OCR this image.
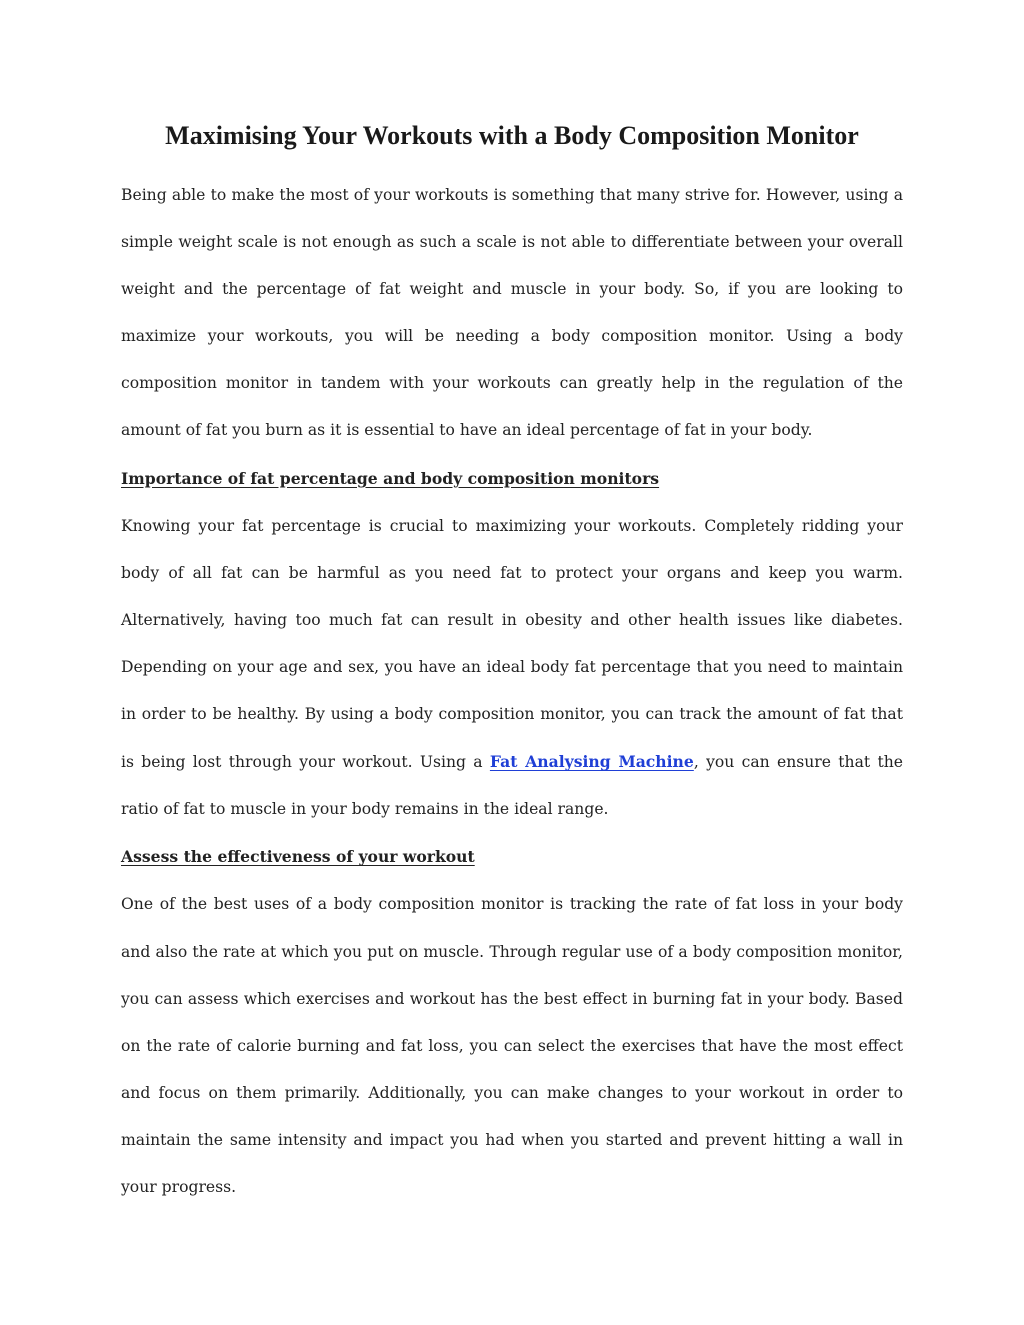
Maximising Your Workouts with a Body Composition Monitor

Being able to make the most of your workouts is something that many strive for. However, using a simple weight scale is not enough as such a scale is not able to differentiate between your overall weight and the percentage of fat weight and muscle in your body. So, if you are looking to maximize your workouts, you will be needing a body composition monitor. Using a body composition monitor in tandem with your workouts can greatly help in the regulation of the amount of fat you burn as it is essential to have an ideal percentage of fat in your body.

Importance of fat percentage and body composition monitors

Knowing your fat percentage is crucial to maximizing your workouts. Completely ridding your body of all fat can be harmful as you need fat to protect your organs and keep you warm. Alternatively, having too much fat can result in obesity and other health issues like diabetes. Depending on your age and sex, you have an ideal body fat percentage that you need to maintain in order to be healthy. By using a body composition monitor, you can track the amount of fat that is being lost through your workout. Using a Fat Analysing Machine, you can ensure that the ratio of fat to muscle in your body remains in the ideal range.

Assess the effectiveness of your workout

One of the best uses of a body composition monitor is tracking the rate of fat loss in your body and also the rate at which you put on muscle. Through regular use of a body composition monitor, you can assess which exercises and workout has the best effect in burning fat in your body. Based on the rate of calorie burning and fat loss, you can select the exercises that have the most effect and focus on them primarily. Additionally, you can make changes to your workout in order to maintain the same intensity and impact you had when you started and prevent hitting a wall in your progress.
